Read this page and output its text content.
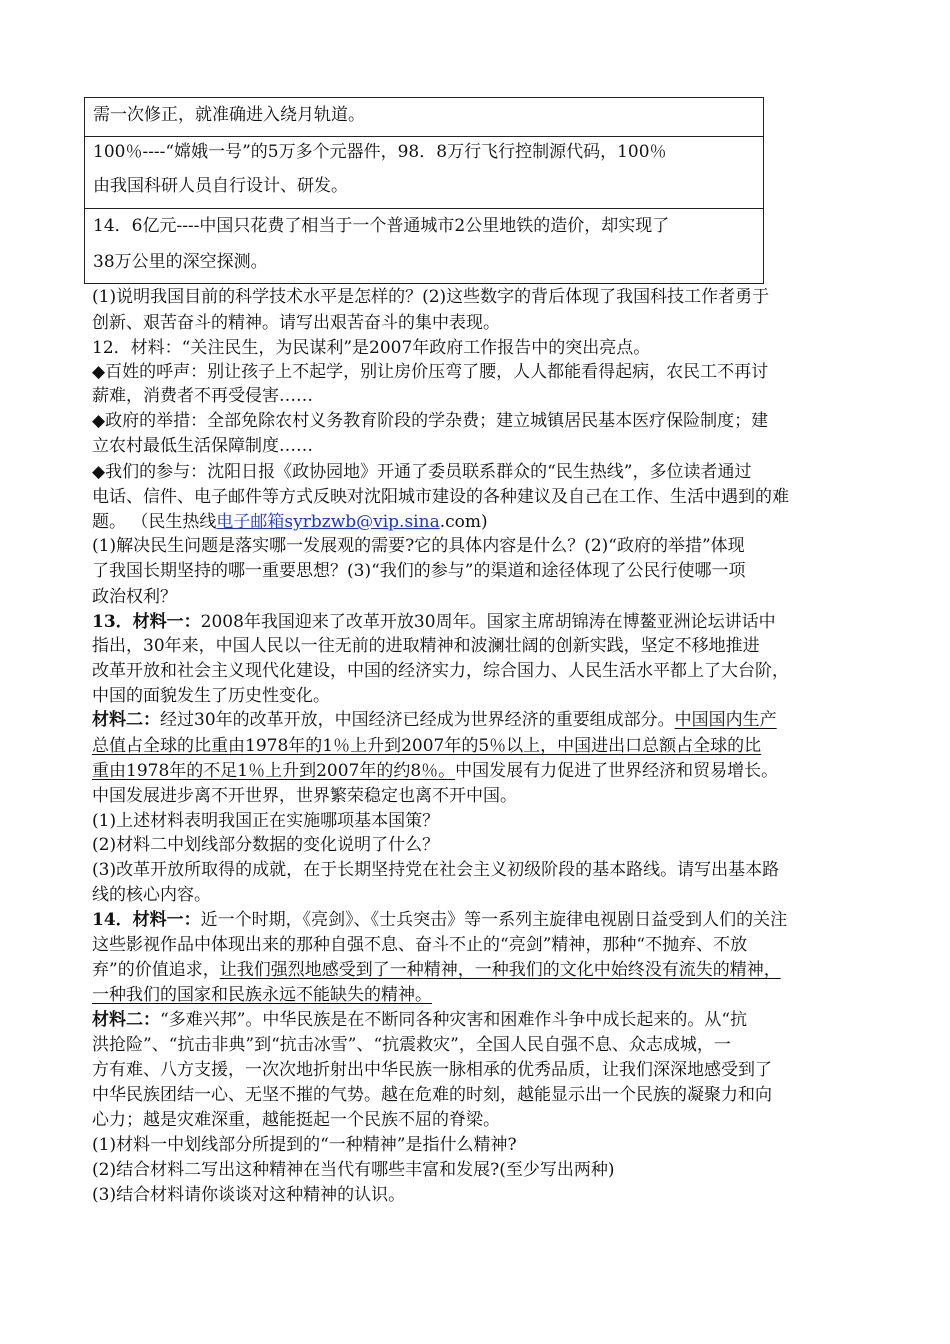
需一次修正，就准确进入绕月轨道。
100％----“嫦娥一号”的5万多个元器件，98．8万行飞行控制源代码，100％
由我国科研人员自行设计、研发。
14．6亿元----中国只花费了相当于一个普通城市2公里地铁的造价，却实现了
38万公里的深空探测。
(1)说明我国目前的科学技术水平是怎样的？(2)这些数字的背后体现了我国科技工作者勇于
创新、艰苦奋斗的精神。请写出艰苦奋斗的集中表现。
12．材料：“关注民生，为民谋利”是2007年政府工作报告中的突出亮点。
◆百姓的呼声：别让孩子上不起学，别让房价压弯了腰，人人都能看得起病，农民工不再讨
薪难，消费者不再受侵害……
◆政府的举措：全部免除农村义务教育阶段的学杂费；建立城镇居民基本医疗保险制度；建
立农村最低生活保障制度……
◆我们的参与：沈阳日报《政协园地》开通了委员联系群众的“民生热线”，多位读者通过
电话、信件、电子邮件等方式反映对沈阳城市建设的各种建议及自己在工作、生活中遇到的难
题。 （民生热线电子邮箱syrbzwb@vip.sina.com)
(1)解决民生问题是落实哪一发展观的需要?它的具体内容是什么？(2)“政府的举措”体现
了我国长期坚持的哪一重要思想？(3)“我们的参与”的渠道和途径体现了公民行使哪一项
政治权利？
13．材料一：2008年我国迎来了改革开放30周年。国家主席胡锦涛在博鳌亚洲论坛讲话中
指出，30年来，中国人民以一往无前的进取精神和波澜壮阔的创新实践，坚定不移地推进
改革开放和社会主义现代化建设，中国的经济实力，综合国力、人民生活水平都上了大台阶，
中国的面貌发生了历史性变化。
材料二：经过30年的改革开放，中国经济已经成为世界经济的重要组成部分。中国国内生产
总值占全球的比重由1978年的1％上升到2007年的5％以上，中国进出口总额占全球的比
重由1978年的不足1％上升到2007年的约8％。中国发展有力促进了世界经济和贸易增长。
中国发展进步离不开世界，世界繁荣稳定也离不开中国。
(1)上述材料表明我国正在实施哪项基本国策？
(2)材料二中划线部分数据的变化说明了什么？
(3)改革开放所取得的成就，在于长期坚持党在社会主义初级阶段的基本路线。请写出基本路
线的核心内容。
14．材料一：近一个时期，《亮剑》、《士兵突击》等一系列主旋律电视剧日益受到人们的关注
这些影视作品中体现出来的那种自强不息、奋斗不止的“亮剑”精神，那种“不抛弃、不放
弃”的价值追求，让我们强烈地感受到了一种精神，一种我们的文化中始终没有流失的精神，
一种我们的国家和民族永远不能缺失的精神。
材料二：“多难兴邦”。中华民族是在不断同各种灾害和困难作斗争中成长起来的。从“抗
洪抢险”、“抗击非典”到“抗击冰雪”、“抗震救灾”，全国人民自强不息、众志成城，一
方有难、八方支援，一次次地折射出中华民族一脉相承的优秀品质，让我们深深地感受到了
中华民族团结一心、无坚不摧的气势。越在危难的时刻，越能显示出一个民族的凝聚力和向
心力；越是灾难深重，越能挺起一个民族不屈的脊梁。
(1)材料一中划线部分所提到的“一种精神”是指什么精神?
(2)结合材料二写出这种精神在当代有哪些丰富和发展?(至少写出两种)
(3)结合材料请你谈谈对这种精神的认识。
